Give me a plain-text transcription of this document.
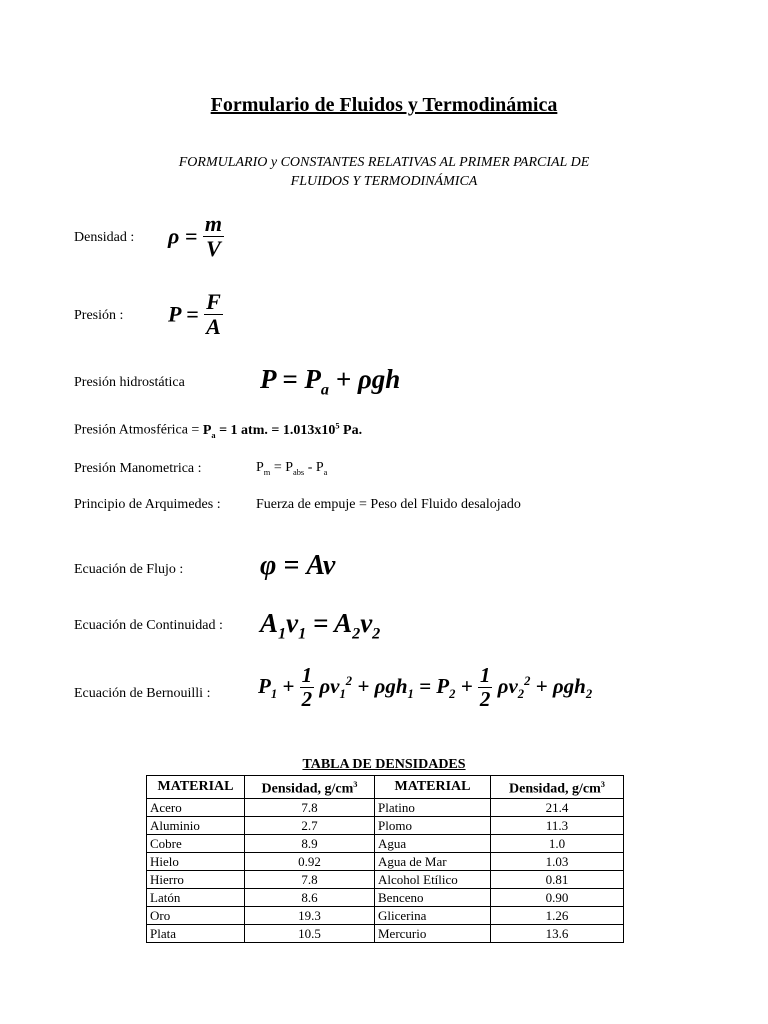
Formulario de Fluidos y Termodinámica
FORMULARIO y CONSTANTES RELATIVAS AL PRIMER PARCIAL DE
FLUIDOS Y TERMODINÁMICA
Densidad : $\rho = \frac{m}{V}$
Presión : $P = \frac{F}{A}$
Presión hidrostática	$P = P_a + \rho gh$
Presión Atmosférica = $P_a = 1$ atm. = $1.013x10^5$ Pa.
Presión Manometrica :	$P_m = P_{abs} - P_a$
Principio de Arquimedes :	Fuerza de empuje = Peso del Fluido desalojado
Ecuación de Flujo :	φ = Av
Ecuación de Continuidad : $A_1v_1 = A_2v_2$
Ecuación de Bernouilli : $P_1 + \frac{1}{2} \rho v_1^2 + \rho gh_1 = P_2 + \frac{1}{2} \rho v_2^2 + \rho gh_2$
TABLA DE DENSIDADES
MATERIAL	Densidad, $g/cm^3$	MATERIAL	Densidad, $g/cm^3$
Acero	7.8	Platino	21.4
Aluminio	2.7	Plomo	11.3
Cobre	8.9	Agua	1.0
Hielo	0.92	Agua de Mar	1.03
Hierro	7.8	Alcohol Etílico	0.81
Latón	8.6	Benceno	0.90
Oro	19.3	Glicerina	1.26
Plata	10.5	Mercurio	13.6
